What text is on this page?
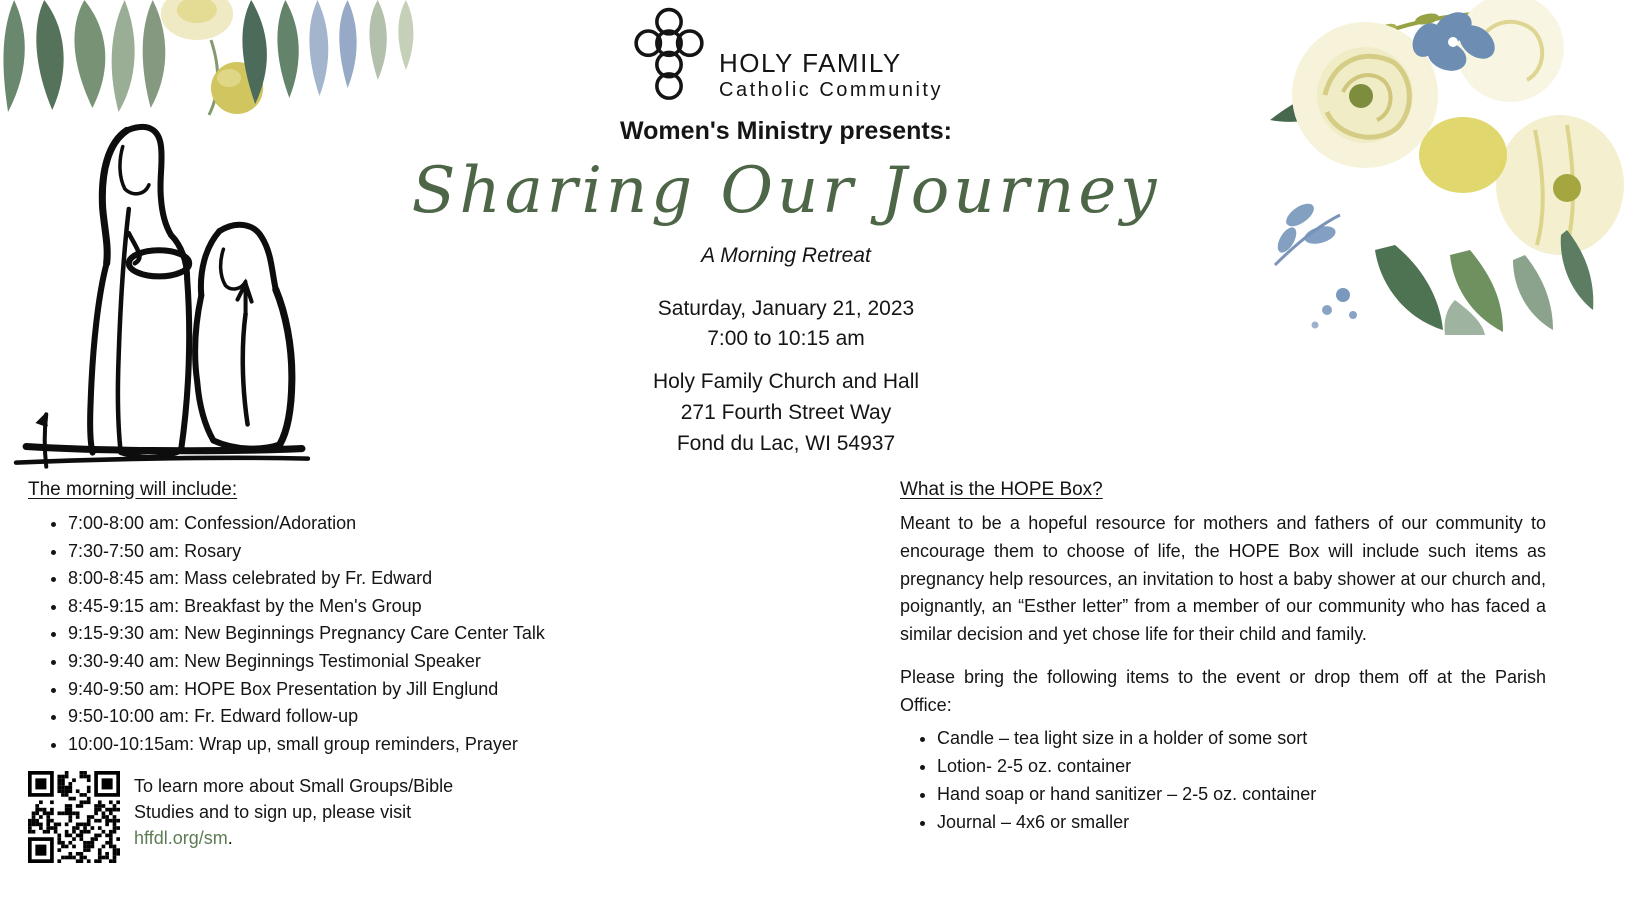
HOLY FAMILY
Catholic Community
Women's Ministry presents:
Sharing Our Journey
A Morning Retreat
Saturday, January 21, 2023
7:00 to 10:15 am
Holy Family Church and Hall
271 Fourth Street Way
Fond du Lac, WI 54937
The morning will include:
• 7:00-8:00 am: Confession/Adoration
• 7:30-7:50 am: Rosary
• 8:00-8:45 am: Mass celebrated by Fr. Edward
• 8:45-9:15 am: Breakfast by the Men's Group
• 9:15-9:30 am: New Beginnings Pregnancy Care Center Talk
• 9:30-9:40 am: New Beginnings Testimonial Speaker
• 9:40-9:50 am: HOPE Box Presentation by Jill Englund
• 9:50-10:00 am: Fr. Edward follow-up
• 10:00-10:15am: Wrap up, small group reminders, Prayer
To learn more about Small Groups/Bible
Studies and to sign up, please visit
hffdl.org/sm.
What is the HOPE Box?

Meant to be a hopeful resource for mothers and fathers of our community to encourage them to choose of life, the HOPE Box will include such items as pregnancy help resources, an invitation to host a baby shower at our church and, poignantly, an “Esther letter” from a member of our community who has faced a similar decision and yet chose life for their child and family.

Please bring the following items to the event or drop them off at the Parish Office:

• Candle – tea light size in a holder of some sort
• Lotion- 2-5 oz. container
• Hand soap or hand sanitizer – 2-5 oz. container
• Journal – 4x6 or smaller
